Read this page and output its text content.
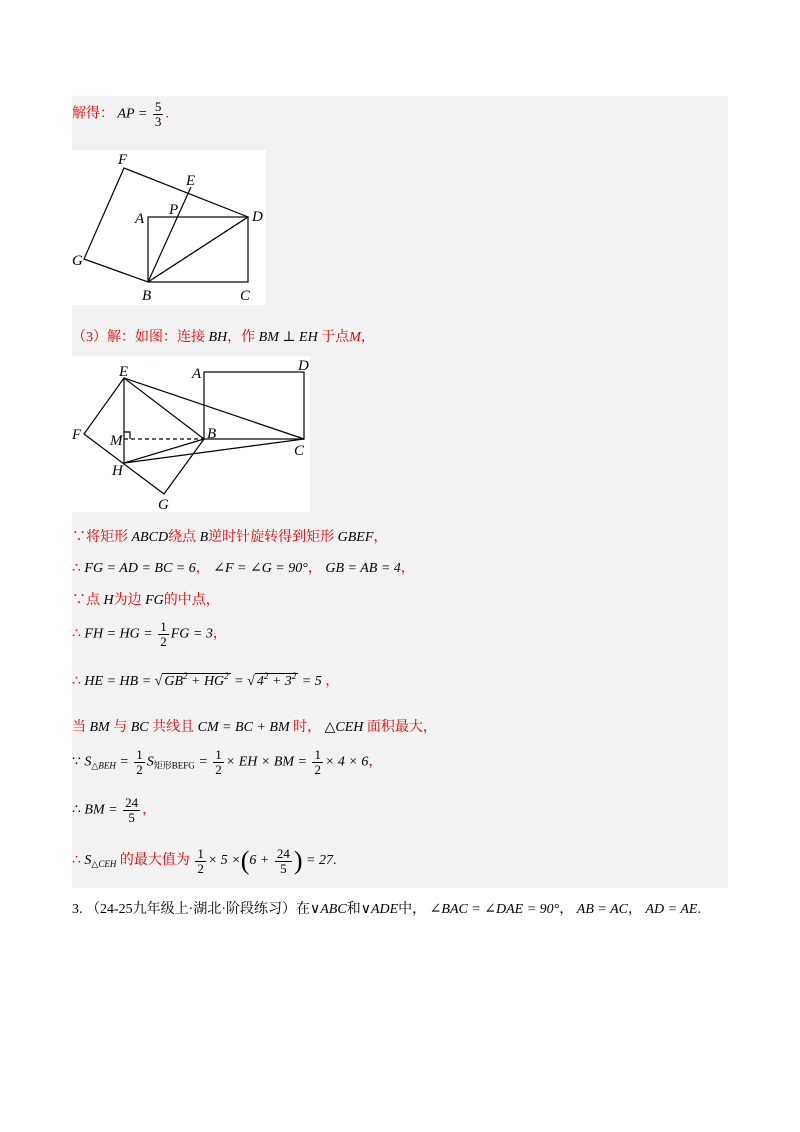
解得： AP = $\frac{5}{3}$ .
F
E
P
A	D
G
B	C
（3）解：如图：连接 BH，作 BM ⊥ EH 于点M，
E	A	D
F M	B
C
H
G
∵将矩形 ABCD绕点 B逆时针旋转得到矩形 GBEF，
∴ FG = AD = BC = 6， ∠F = ∠G = 90°， GB = AB = 4，
∵点 H为边 FG的中点，
∴ FH = HG = $\frac{1}{2}$ FG = 3，
∴ HE = HB = √ $GB^2 + HG^2$ = √ $4^2 + 3^2 = 5$ ，
当 BM 与 BC 共线且 CM = BC + BM 时， △CEH 面积最大，
∵ $S_{\triangle BEH} = \frac{1}{2} S_{矩形BEFG} = \frac{1}{2}$ × EH × BM = $\frac{1}{2} \times 4 \times 6$，
∴ BM = $\frac{24}{5}$ ，
∴ $S_{\triangle CEH}$ 的最大值为 $\frac{1}{2} \times 5 \times(6 + \frac{24}{5}$ ) = 27.
3. （24-25九年级上·湖北·阶段练习）在∨ABC和∨ADE中， ∠BAC = ∠DAE = 90°， AB = AC， AD = AE.
